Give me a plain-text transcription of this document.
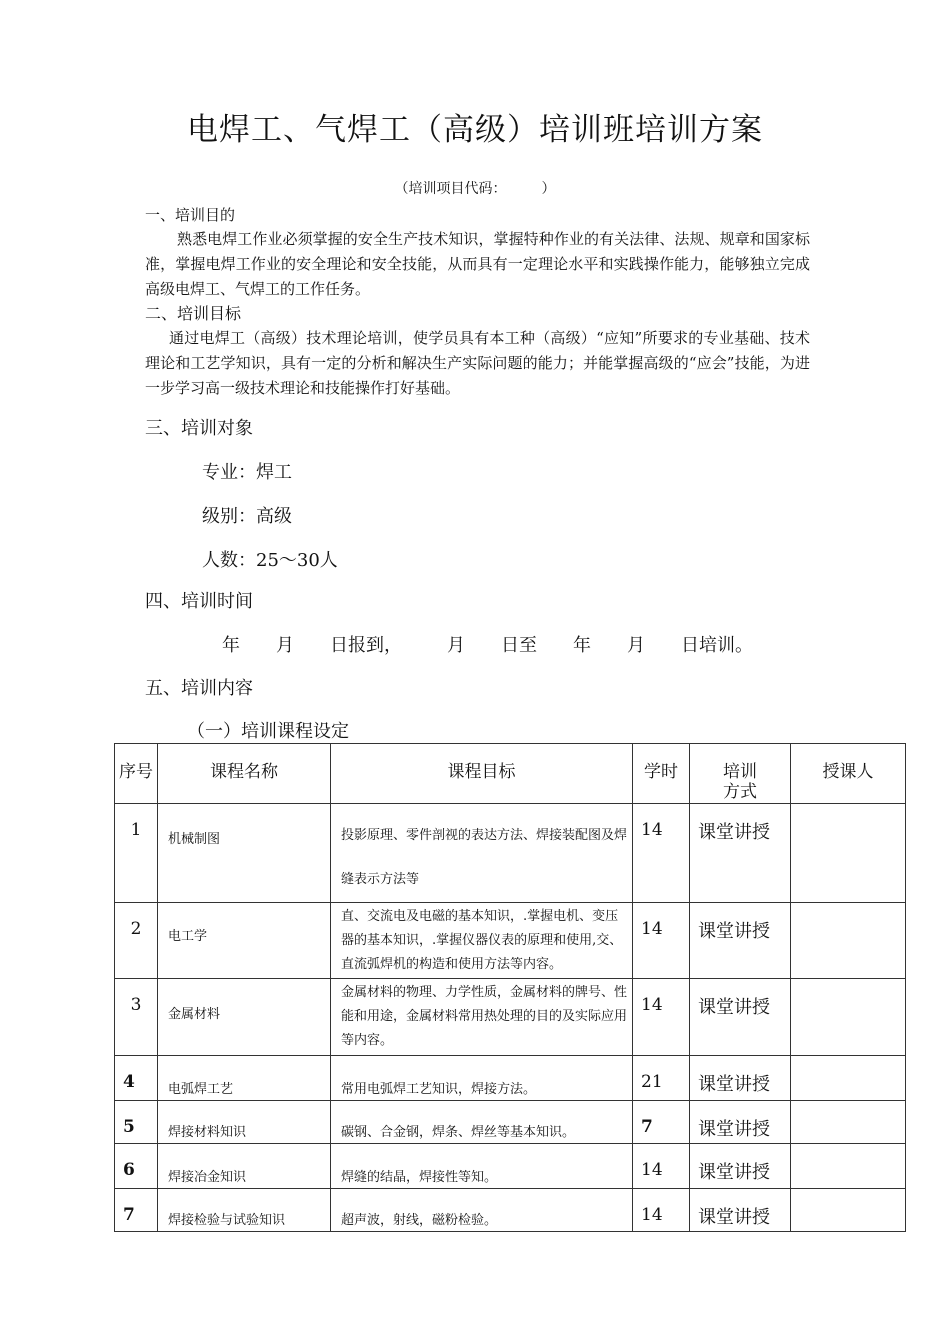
电焊工、气焊工（高级）培训班培训方案
（培训项目代码：　　　）
一、培训目的
熟悉电焊工作业必须掌握的安全生产技术知识，掌握特种作业的有关法律、法规、规章和国家标准，掌握电焊工作业的安全理论和安全技能，从而具有一定理论水平和实践操作能力，能够独立完成高级电焊工、气焊工的工作任务。
二、培训目标
通过电焊工（高级）技术理论培训，使学员具有本工种（高级）“应知”所要求的专业基础、技术理论和工艺学知识，具有一定的分析和解决生产实际问题的能力；并能掌握高级的“应会”技能，为进一步学习高一级技术理论和技能操作打好基础。
三、培训对象
专业：焊工
级别：高级
人数：25～30人
四、培训时间
年　　月　　日报到，　　　月　　日至　　年　　月　　日培训。
五、培训内容
（一）培训课程设定
序号	课程名称	课程目标	学时	培训方式	授课人
1	机械制图	投影原理、零件剖视的表达方法、焊接装配图及焊缝表示方法等	14	课堂讲授	
2	电工学	直、交流电及电磁的基本知识，.掌握电机、变压器的基本知识，.掌握仪器仪表的原理和使用,交、直流弧焊机的构造和使用方法等内容。	14	课堂讲授	
3	金属材料	金属材料的物理、力学性质，金属材料的牌号、性能和用途，金属材料常用热处理的目的及实际应用等内容。	14	课堂讲授	
4	电弧焊工艺	常用电弧焊工艺知识，焊接方法。	21	课堂讲授	
5	焊接材料知识	碳钢、合金钢，焊条、焊丝等基本知识。	7	课堂讲授	
6	焊接冶金知识	焊缝的结晶，焊接性等知。	14	课堂讲授	
7	焊接检验与试验知识	超声波，射线，磁粉检验。	14	课堂讲授	
